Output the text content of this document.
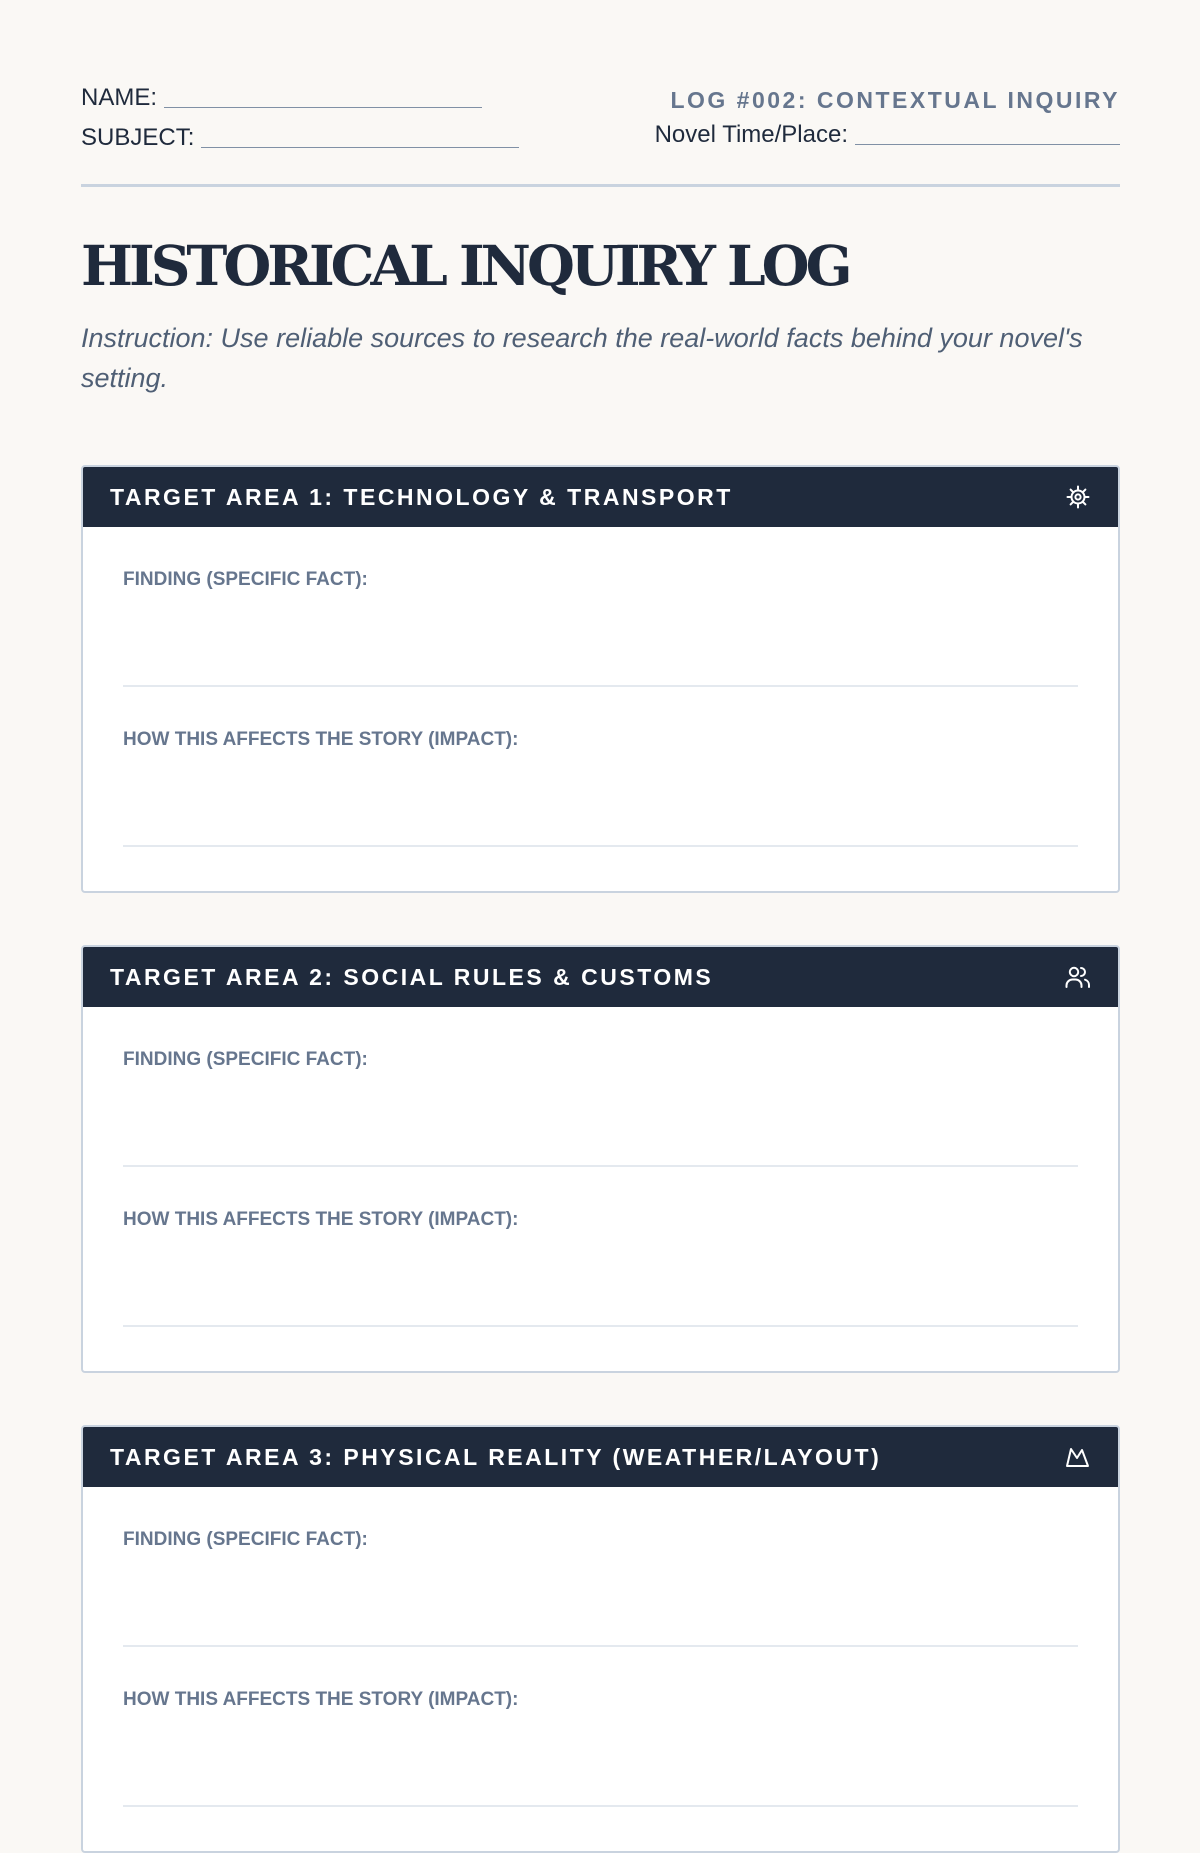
NAME:
SUBJECT:
LOG #002: CONTEXTUAL INQUIRY
Novel Time/Place:
HISTORICAL INQUIRY LOG

Instruction: Use reliable sources to research the real-world facts behind your novel's setting.

TARGET AREA 1: TECHNOLOGY & TRANSPORT
FINDING (SPECIFIC FACT):
HOW THIS AFFECTS THE STORY (IMPACT):
TARGET AREA 2: SOCIAL RULES & CUSTOMS
FINDING (SPECIFIC FACT):
HOW THIS AFFECTS THE STORY (IMPACT):
TARGET AREA 3: PHYSICAL REALITY (WEATHER/LAYOUT)
FINDING (SPECIFIC FACT):
HOW THIS AFFECTS THE STORY (IMPACT):
